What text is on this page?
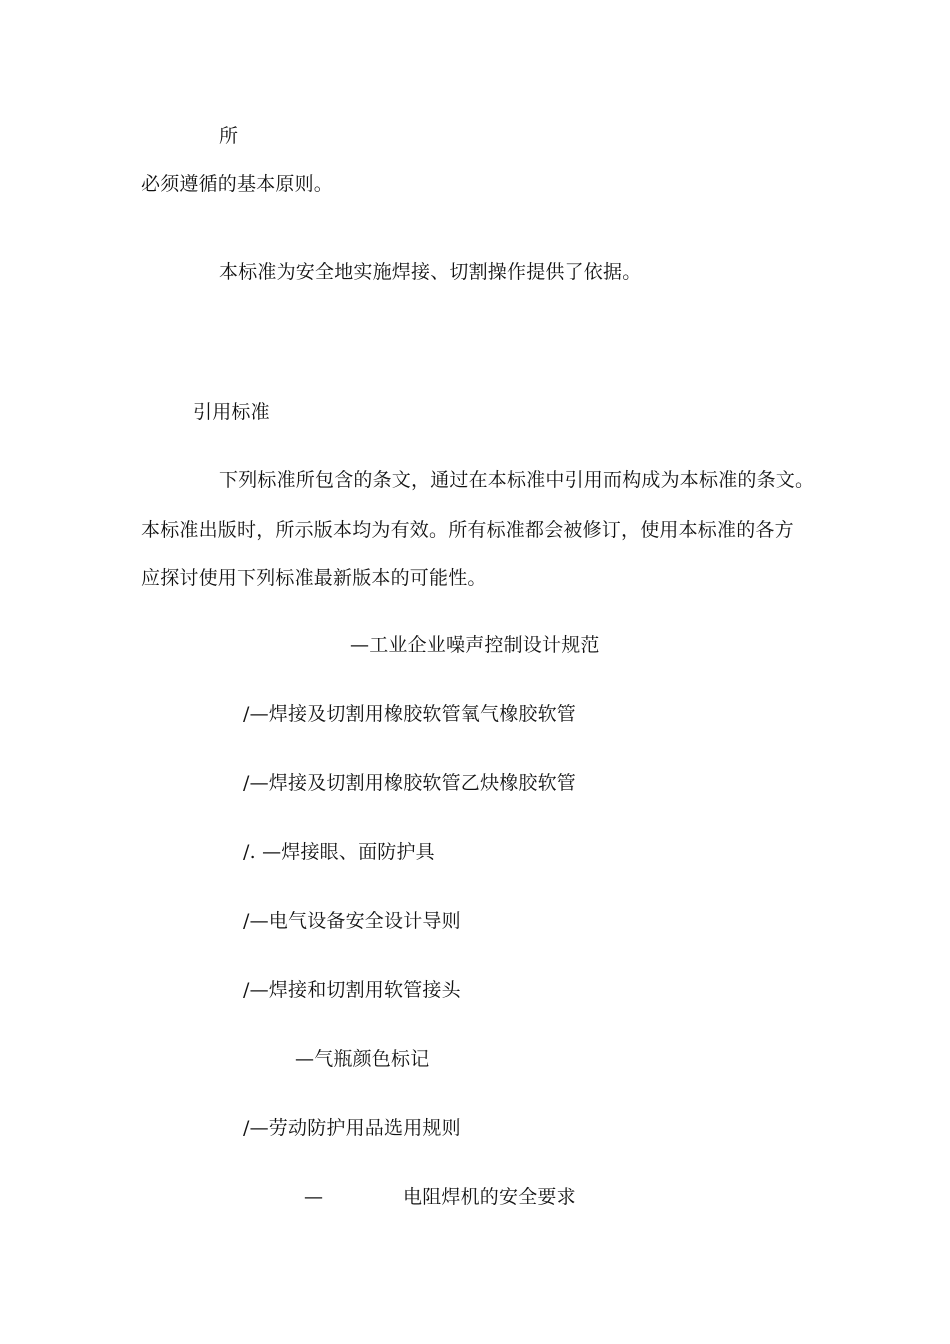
所
必须遵循的基本原则。
本标准为安全地实施焊接、切割操作提供了依据。
引用标准
下列标准所包含的条文，通过在本标准中引用而构成为本标准的条文。
本标准出版时，所示版本均为有效。所有标准都会被修订，使用本标准的各方
应探讨使用下列标准最新版本的可能性。
—工业企业噪声控制设计规范
/—焊接及切割用橡胶软管氧气橡胶软管
/—焊接及切割用橡胶软管乙炔橡胶软管
/. —焊接眼、面防护具
/—电气设备安全设计导则
/—焊接和切割用软管接头
—气瓶颜色标记
/—劳动防护用品选用规则
—	电阻焊机的安全要求
